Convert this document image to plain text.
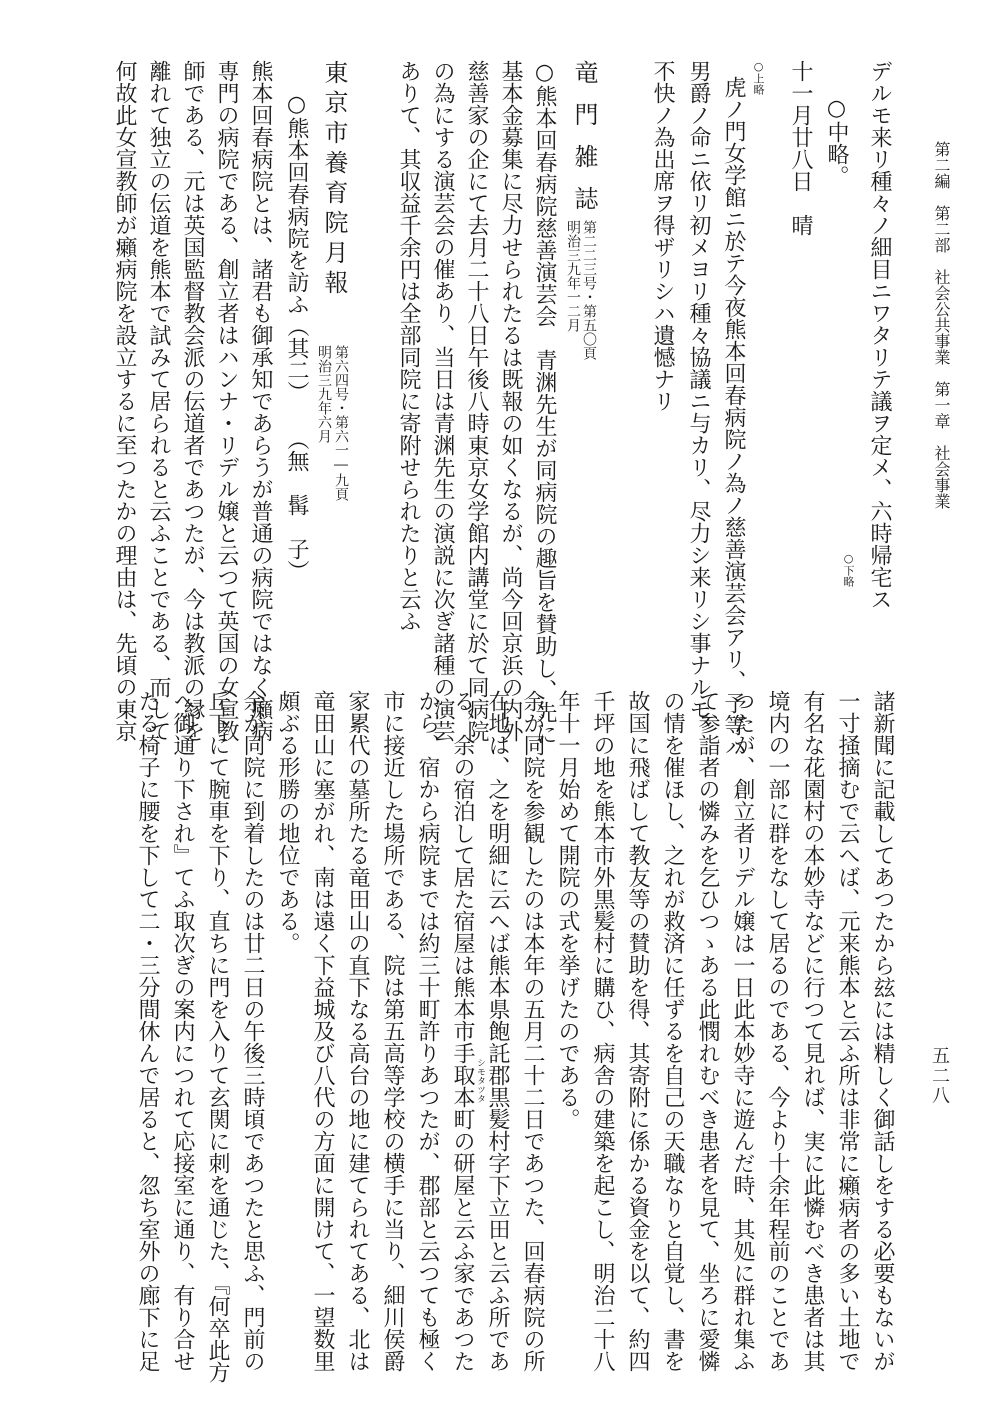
第二編　第二部　社会公共事業　第一章　社会事業
五二八
デルモ来リ種々ノ細目ニワタリテ議ヲ定メ、六時帰宅ス
○下略
○中略。
十一月廿八日　晴
○上略
虎ノ門女学館ニ於テ今夜熊本回春病院ノ為ノ慈善演芸会アリ、予等ハ
男爵ノ命ニ依リ初メヨリ種々協議ニ与カリ、尽力シ来リシ事ナルモ、
不快ノ為出席ヲ得ザリシハ遺憾ナリ
竜門雑誌
第二二三号・第五〇頁
明治三九年一二月
○熊本回春病院慈善演芸会　青渊先生が同病院の趣旨を賛助し、先に
基本金募集に尽力せられたるは既報の如くなるが、尚今回京浜の内外
慈善家の企にて去月二十八日午後八時東京女学館内講堂に於て同病院
の為にする演芸会の催あり、当日は青渊先生の演説に次ぎ諸種の演芸
ありて、其収益千余円は全部同院に寄附せられたりと云ふ
東京市養育院月報
第六四号・第六一―九頁
明治三九年六月
○熊本回春病院を訪ふ（其二）
（無　髯　子）
熊本回春病院とは、諸君も御承知であらうが普通の病院ではなく癩病
専門の病院である、創立者はハンナ・リデル嬢と云つて英国の女宣教
師である、元は英国監督教会派の伝道者であつたが、今は教派の縁を
離れて独立の伝道を熊本で試みて居られると云ふことである、而して
何故此女宣教師が癩病院を設立するに至つたかの理由は、先頃の東京
諸新聞に記載してあつたから玆には精しく御話しをする必要もないが
一寸掻摘むで云へば、元来熊本と云ふ所は非常に癩病者の多い土地で
有名な花園村の本妙寺などに行つて見れば、実に此憐むべき患者は其
境内の一部に群をなして居るのである、今より十余年程前のことであ
つたが、創立者リデル嬢は一日此本妙寺に遊んだ時、其処に群れ集ふ
て参詣者の憐みを乞ひつゝある此憫れむべき患者を見て、坐ろに愛憐
の情を催ほし、之れが救済に任ずるを自己の天職なりと自覚し、書を
故国に飛ばして教友等の賛助を得、其寄附に係かる資金を以て、約四
千坪の地を熊本市外黒髪村に購ひ、病舎の建築を起こし、明治二十八
年十一月始めて開院の式を挙げたのである。
余が同院を参観したのは本年の五月二十二日であつた、回春病院の所
在地は、之を明細に云へば熊本県飽託郡黒髪村字下立田と云ふ所であ
シモタツタ
る、余の宿泊して居た宿屋は熊本市手取本町の研屋と云ふ家であつた
から、宿から病院までは約三十町許りあつたが、郡部と云つても極く
市に接近した場所である、院は第五高等学校の横手に当り、細川侯爵
家累代の墓所たる竜田山の直下なる高台の地に建てられてある、北は
竜田山に塞がれ、南は遠く下益城及び八代の方面に開けて、一望数里
頗ぶる形勝の地位である。
余が同院に到着したのは廿二日の午後三時頃であつたと思ふ、門前の
丘下にて腕車を下り、直ちに門を入りて玄関に刺を通じた、『何卒此方
へ御通り下され』てふ取次ぎの案内につれて応接室に通り、有り合せ
たる椅子に腰を下して二・三分間休んで居ると、忽ち室外の廊下に足
